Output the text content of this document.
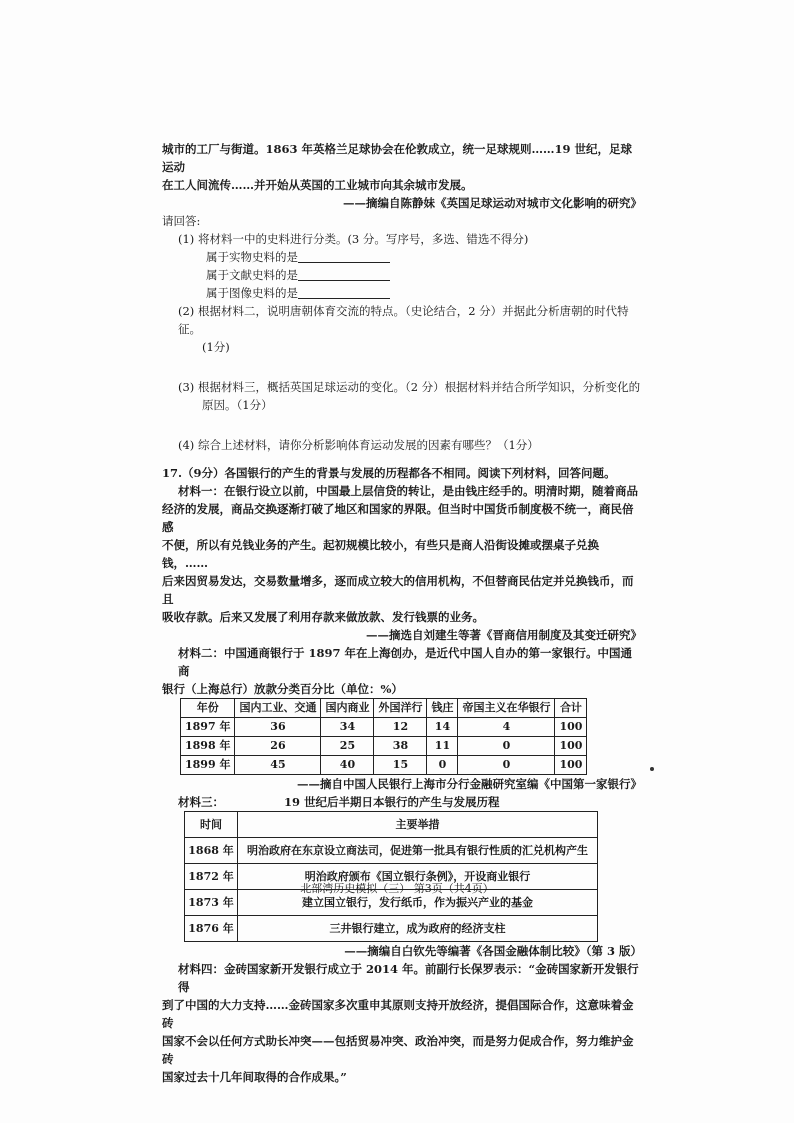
城市的工厂与街道。1863 年英格兰足球协会在伦敦成立，统一足球规则……19 世纪，足球运动

在工人间流传……并开始从英国的工业城市向其余城市发展。

——摘编自陈静妹《英国足球运动对城市文化影响的研究》

请回答:

(1) 将材料一中的史料进行分类。(3 分。写序号，多选、错选不得分)

属于实物史料的是

属于文献史料的是

属于图像史料的是

(2) 根据材料二，说明唐朝体育交流的特点。（史论结合，2 分）并据此分析唐朝的时代特征。

(1分)

(3) 根据材料三，概括英国足球运动的变化。（2 分）根据材料并结合所学知识，分析变化的

原因。（1分）

(4) 综合上述材料，请你分析影响体育运动发展的因素有哪些？（1分）

17.（9分）各国银行的产生的背景与发展的历程都各不相同。阅读下列材料，回答问题。

材料一：在银行设立以前，中国最上层信贷的转让，是由钱庄经手的。明清时期，随着商品

经济的发展，商品交换逐渐打破了地区和国家的界限。但当时中国货币制度极不统一，商民倍感

不便，所以有兑钱业务的产生。起初规模比较小，有些只是商人沿街设摊或摆桌子兑换钱，……

后来因贸易发达，交易数量增多，逐而成立较大的信用机构，不但替商民估定并兑换钱币，而且

吸收存款。后来又发展了利用存款来做放款、发行钱票的业务。

——摘选自刘建生等著《晋商信用制度及其变迁研究》

材料二：中国通商银行于 1897 年在上海创办，是近代中国人自办的第一家银行。中国通商

银行（上海总行）放款分类百分比（单位：%）

年份	国内工业、交通	国内商业	外国洋行	钱庄	帝国主义在华银行	合计
1897 年	36	34	12	14	4	100
1898 年	26	25	38	11	0	100
1899 年	45	40	15	0	0	100

——摘自中国人民银行上海市分行金融研究室编《中国第一家银行》

材料三：	19 世纪后半期日本银行的产生与发展历程

时间	主要举措
1868 年	明治政府在东京设立商法司，促进第一批具有银行性质的汇兑机构产生
1872 年	明治政府颁布《国立银行条例》，开设商业银行
1873 年	建立国立银行，发行纸币，作为振兴产业的基金
1876 年	三井银行建立，成为政府的经济支柱

——摘编自白钦先等编著《各国金融体制比较》（第 3 版）

材料四：金砖国家新开发银行成立于 2014 年。前副行长保罗表示：“金砖国家新开发银行得

到了中国的大力支持……金砖国家多次重申其原则支持开放经济，提倡国际合作，这意味着金砖

国家不会以任何方式助长冲突——包括贸易冲突、政治冲突，而是努力促成合作，努力维护金砖

国家过去十几年间取得的合作成果。”

北部湾历史模拟（三） 第3页（共4页）
